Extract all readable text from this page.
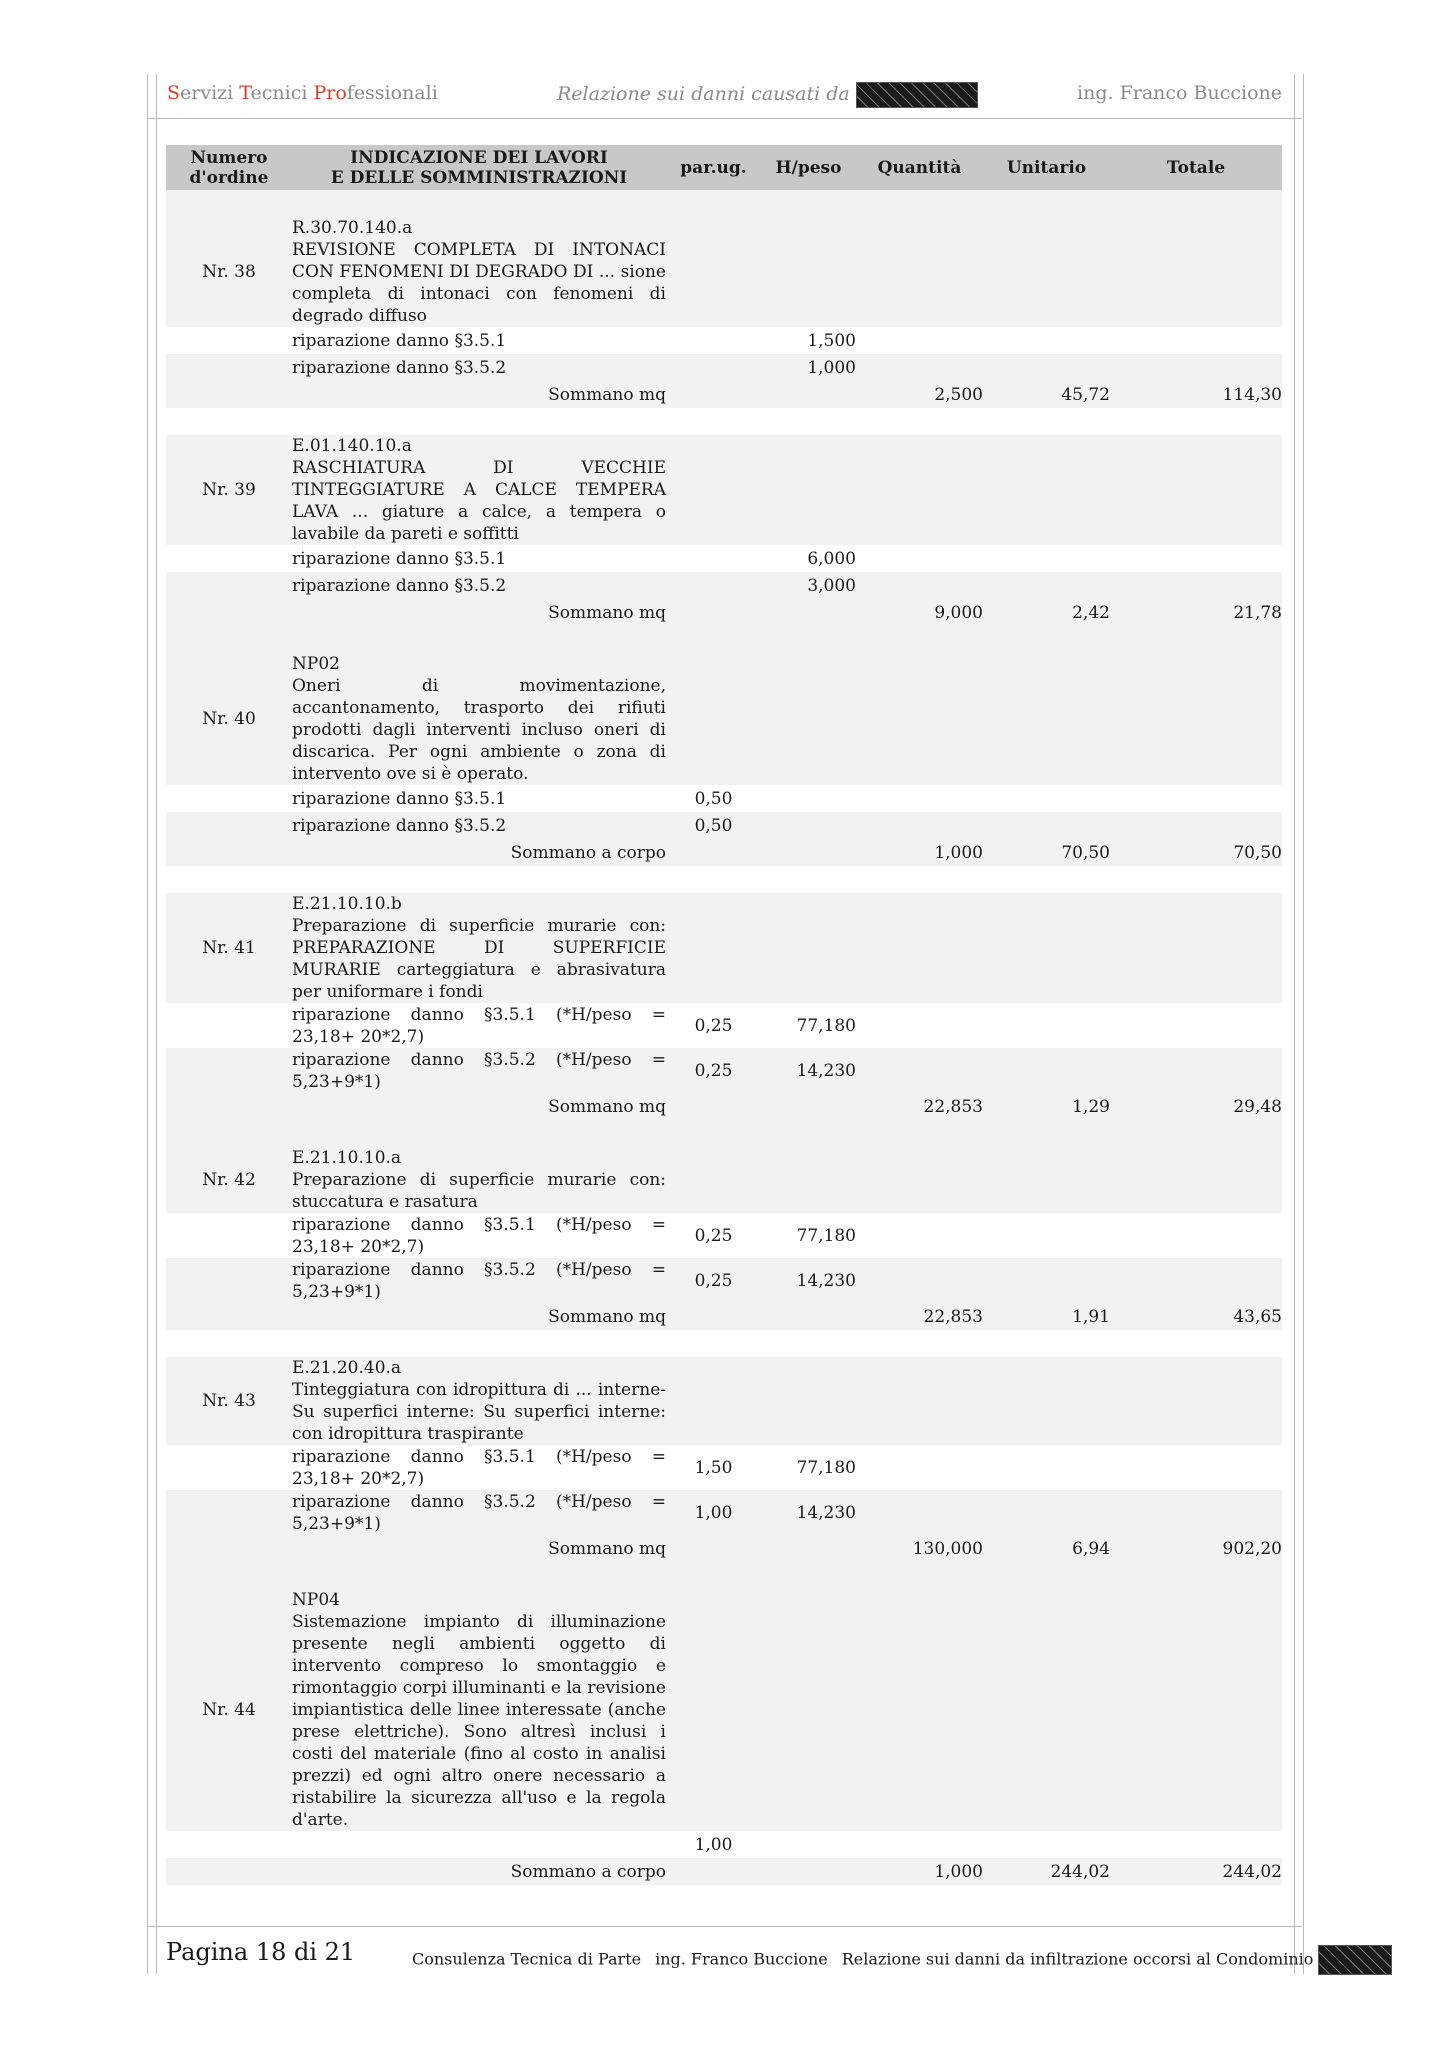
Servizi Tecnici Professionali	Relazione sui danni causati da	ing. Franco Buccione
Numero
d'ordine	INDICAZIONE DEI LAVORI
E DELLE SOMMINISTRAZIONI	par.ug.	H/peso	Quantità	Unitario	Totale

Nr. 38	R.30.70.140.a
REVISIONE COMPLETA DI INTONACI CON FENOMENI DI DEGRADO DI ... sione completa di intonaci con fenomeni di degrado diffuso					
	riparazione danno §3.5.1		1,500			
	riparazione danno §3.5.2		1,000			
	Sommano mq			2,500	45,72	114,30

Nr. 39	E.01.140.10.a
RASCHIATURA DI VECCHIE TINTEGGIATURE A CALCE TEMPERA LAVA ... giature a calce, a tempera o lavabile da pareti e soffitti					
	riparazione danno §3.5.1		6,000			
	riparazione danno §3.5.2		3,000			
	Sommano mq			9,000	2,42	21,78

Nr. 40	NP02
Oneri di movimentazione, accantonamento, trasporto dei rifiuti prodotti dagli interventi incluso oneri di discarica. Per ogni ambiente o zona di intervento ove si è operato.					
	riparazione danno §3.5.1	0,50				
	riparazione danno §3.5.2	0,50				
	Sommano a corpo			1,000	70,50	70,50

Nr. 41	E.21.10.10.b
Preparazione di superficie murarie con: PREPARAZIONE DI SUPERFICIE MURARIE carteggiatura e abrasivatura per uniformare i fondi					
	riparazione danno §3.5.1 (*H/peso = 23,18+ 20*2,7)	0,25	77,180			
	riparazione danno §3.5.2 (*H/peso = 5,23+9*1)	0,25	14,230			
	Sommano mq			22,853	1,29	29,48

Nr. 42	E.21.10.10.a
Preparazione di superficie murarie con: stuccatura e rasatura					
	riparazione danno §3.5.1 (*H/peso = 23,18+ 20*2,7)	0,25	77,180			
	riparazione danno §3.5.2 (*H/peso = 5,23+9*1)	0,25	14,230			
	Sommano mq			22,853	1,91	43,65

Nr. 43	E.21.20.40.a
Tinteggiatura con idropittura di ... interne- Su superfici interne: Su superfici interne: con idropittura traspirante					
	riparazione danno §3.5.1 (*H/peso = 23,18+ 20*2,7)	1,50	77,180			
	riparazione danno §3.5.2 (*H/peso = 5,23+9*1)	1,00	14,230			
	Sommano mq			130,000	6,94	902,20

Nr. 44	NP04
Sistemazione impianto di illuminazione presente negli ambienti oggetto di intervento compreso lo smontaggio e rimontaggio corpi illuminanti e la revisione impiantistica delle linee interessate (anche prese elettriche). Sono altresì inclusi i costi del materiale (fino al costo in analisi prezzi) ed ogni altro onere necessario a ristabilire la sicurezza all'uso e la regola d'arte.					
		1,00				
	Sommano a corpo			1,000	244,02	244,02
Pagina 18 di 21	Consulenza Tecnica di Parte ing. Franco Buccione Relazione sui danni da infiltrazione occorsi al Condominio
